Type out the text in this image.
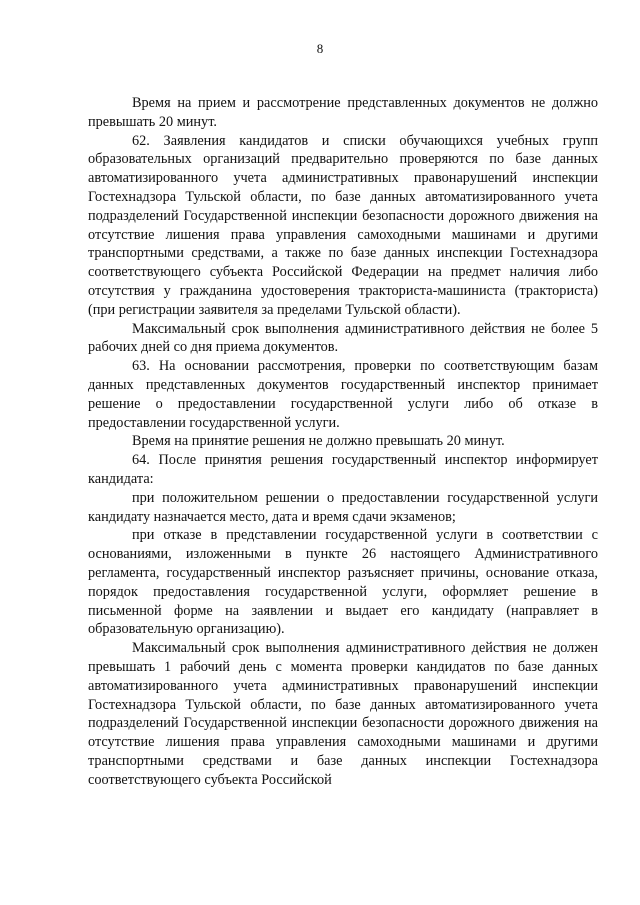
8

Время на прием и рассмотрение представленных документов не должно превышать 20 минут.

62. Заявления кандидатов и списки обучающихся учебных групп образовательных организаций предварительно проверяются по базе данных автоматизированного учета административных правонарушений инспекции Гостехнадзора Тульской области, по базе данных автоматизированного учета подразделений Государственной инспекции безопасности дорожного движения на отсутствие лишения права управления самоходными машинами и другими транспортными средствами, а также по базе данных инспекции Гостехнадзора соответствующего субъекта Российской Федерации на предмет наличия либо отсутствия у гражданина удостоверения тракториста-машиниста (тракториста) (при регистрации заявителя за пределами Тульской области).

Максимальный срок выполнения административного действия не более 5 рабочих дней со дня приема документов.

63. На основании рассмотрения, проверки по соответствующим базам данных представленных документов государственный инспектор принимает решение о предоставлении государственной услуги либо об отказе в предоставлении государственной услуги.

Время на принятие решения не должно превышать 20 минут.

64. После принятия решения государственный инспектор информирует кандидата:

при положительном решении о предоставлении государственной услуги кандидату назначается место, дата и время сдачи экзаменов;

при отказе в представлении государственной услуги в соответствии с основаниями, изложенными в пункте 26 настоящего Административного регламента, государственный инспектор разъясняет причины, основание отказа, порядок предоставления государственной услуги, оформляет решение в письменной форме на заявлении и выдает его кандидату (направляет в образовательную организацию).

Максимальный срок выполнения административного действия не должен превышать 1 рабочий день с момента проверки кандидатов по базе данных автоматизированного учета административных правонарушений инспекции Гостехнадзора Тульской области, по базе данных автоматизированного учета подразделений Государственной инспекции безопасности дорожного движения на отсутствие лишения права управления самоходными машинами и другими транспортными средствами и базе данных инспекции Гостехнадзора соответствующего субъекта Российской
